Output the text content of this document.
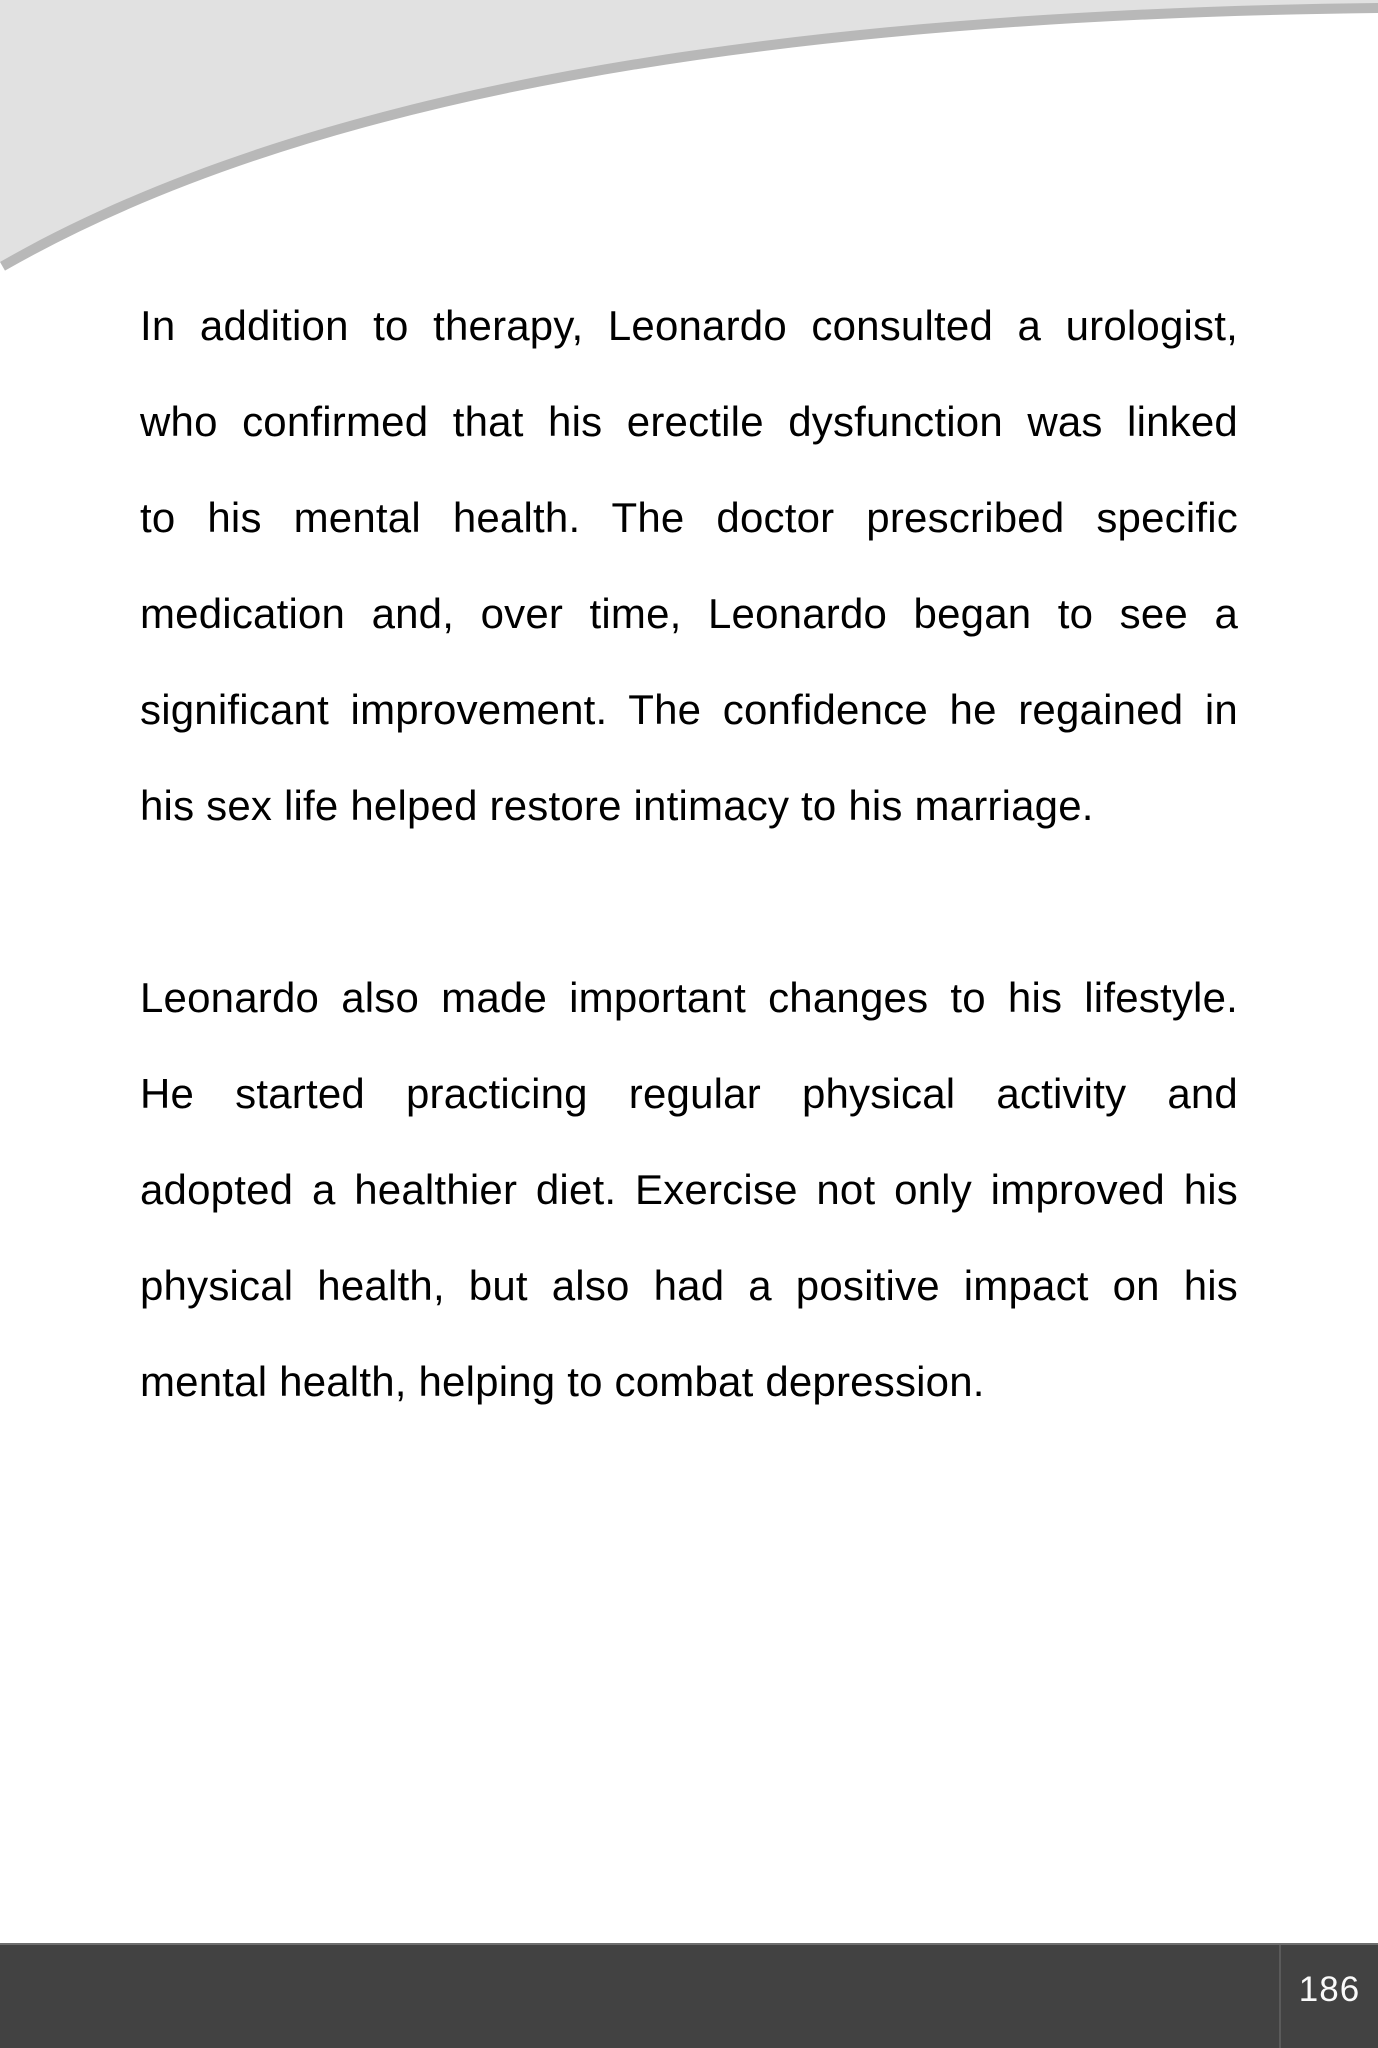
In addition to therapy, Leonardo consulted a urologist,
who confirmed that his erectile dysfunction was linked
to his mental health. The doctor prescribed specific
medication and, over time, Leonardo began to see a
significant improvement. The confidence he regained in
his sex life helped restore intimacy to his marriage.
Leonardo also made important changes to his lifestyle.
He started practicing regular physical activity and
adopted a healthier diet. Exercise not only improved his
physical health, but also had a positive impact on his
mental health, helping to combat depression.
186
